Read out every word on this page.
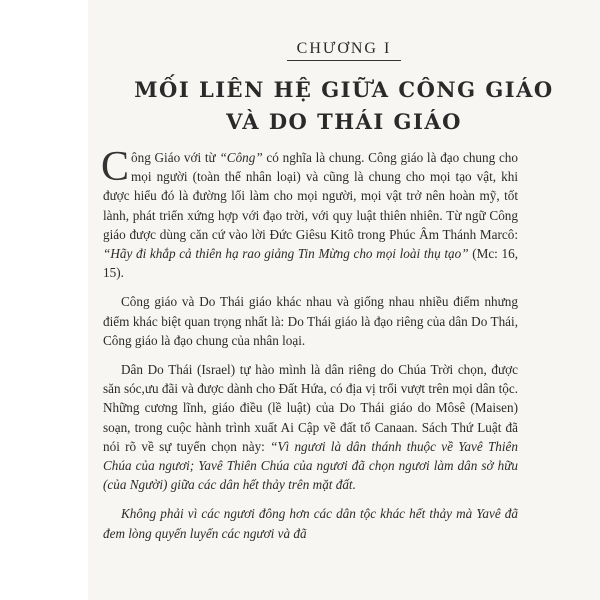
CHƯƠNG I
MỐI LIÊN HỆ GIỮA CÔNG GIÁO
VÀ DO THÁI GIÁO

Công Giáo với từ “Công” có nghĩa là chung. Công giáo là đạo chung cho mọi người (toàn thể nhân loại) và cũng là chung cho mọi tạo vật, khi được hiểu đó là đường lối làm cho mọi người, mọi vật trở nên hoàn mỹ, tốt lành, phát triển xứng hợp với đạo trời, với quy luật thiên nhiên. Từ ngữ Công giáo được dùng căn cứ vào lời Đức Giêsu Kitô trong Phúc Âm Thánh Marcô: “Hãy đi khắp cả thiên hạ rao giảng Tin Mừng cho mọi loài thụ tạo” (Mc: 16, 15).

Công giáo và Do Thái giáo khác nhau và giống nhau nhiều điểm nhưng điểm khác biệt quan trọng nhất là: Do Thái giáo là đạo riêng của dân Do Thái, Công giáo là đạo chung của nhân loại.

Dân Do Thái (Israel) tự hào mình là dân riêng do Chúa Trời chọn, được săn sóc,ưu đãi và được dành cho Đất Hứa, có địa vị trổi vượt trên mọi dân tộc. Những cương lĩnh, giáo điều (lề luật) của Do Thái giáo do Môsê (Maisen) soạn, trong cuộc hành trình xuất Ai Cập về đất tổ Canaan. Sách Thứ Luật đã nói rõ về sự tuyển chọn này: “Vì ngươi là dân thánh thuộc về Yavê Thiên Chúa của ngươi; Yavê Thiên Chúa của ngươi đã chọn ngươi làm dân sở hữu (của Người) giữa các dân hết thảy trên mặt đất.

Không phải vì các ngươi đông hơn các dân tộc khác hết thảy mà Yavê đã đem lòng quyến luyến các ngươi và đã
